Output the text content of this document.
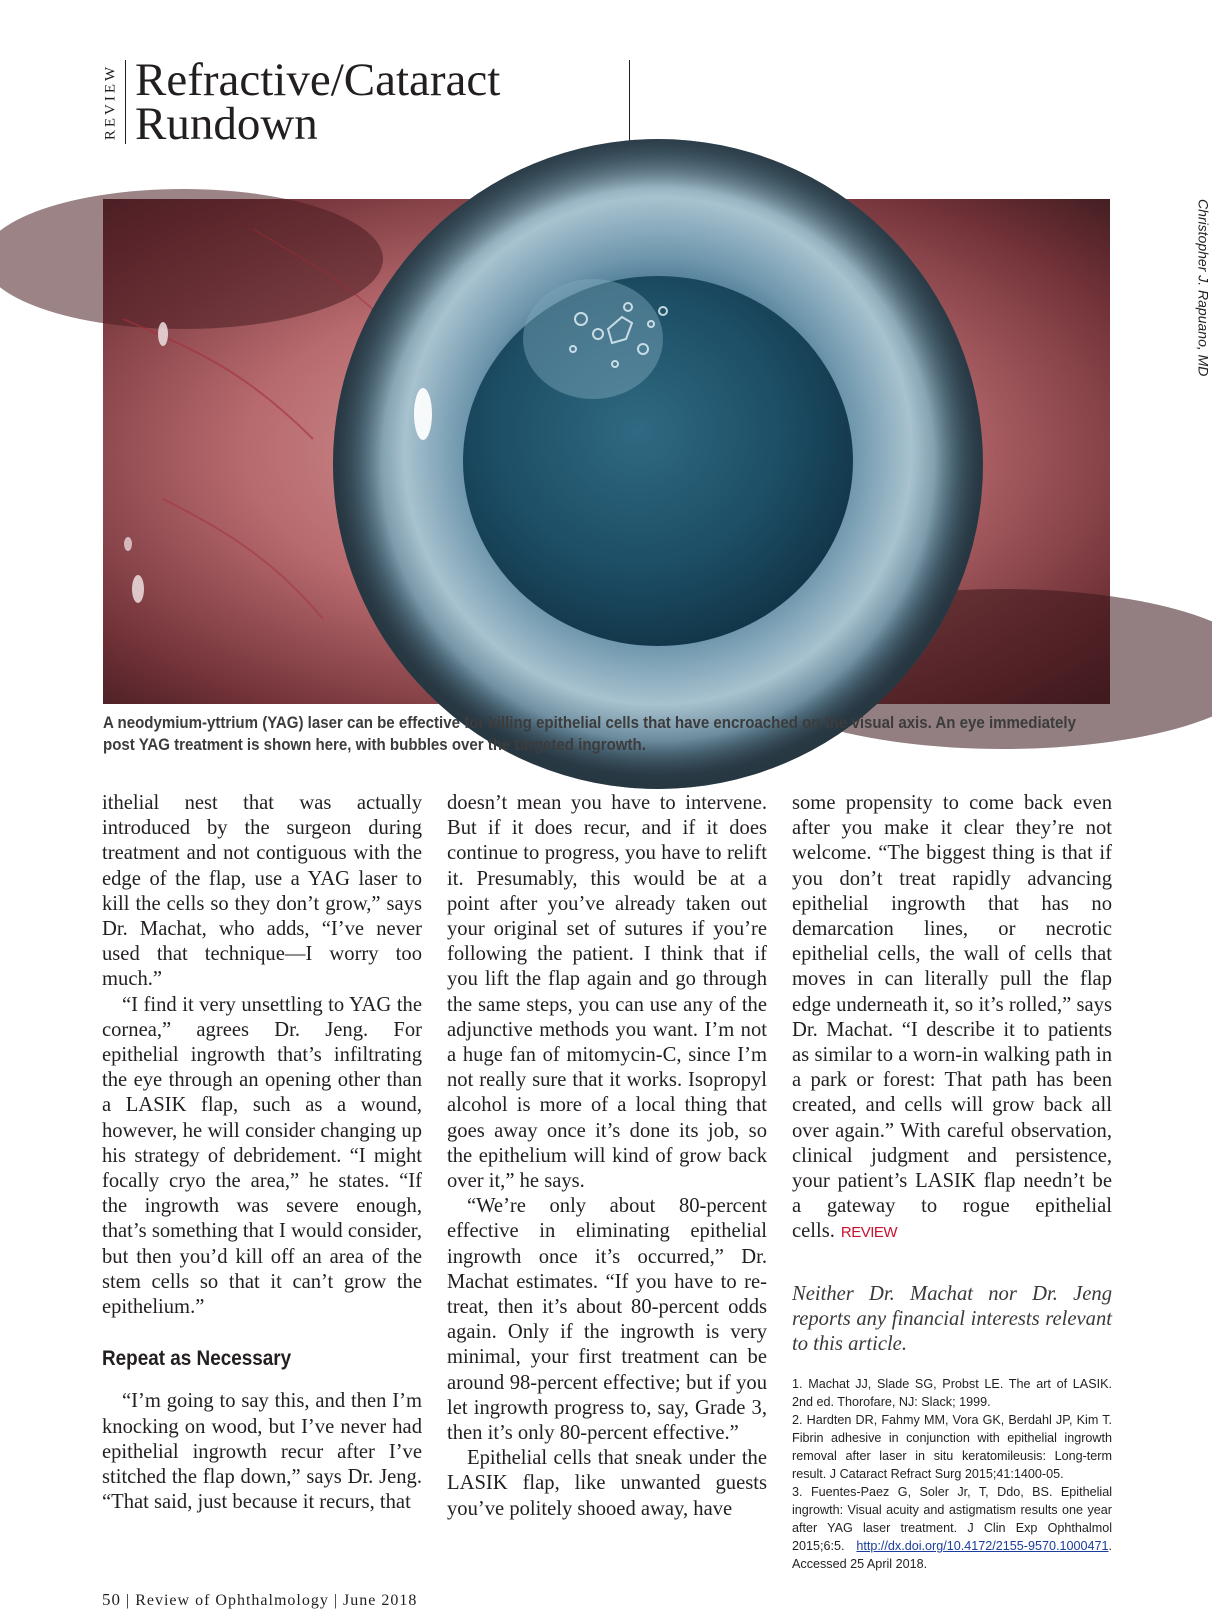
REVIEW Refractive/Cataract
Rundown
Christopher J. Rapuano, MD
A neodymium-yttrium (YAG) laser can be effective for killing epithelial cells that have encroached on the visual axis. An eye immediately post YAG treatment is shown here, with bubbles over the targeted ingrowth.

ithelial nest that was actually introduced by the surgeon during treatment and not contiguous with the edge of the flap, use a YAG laser to kill the cells so they don’t grow,” says Dr. Machat, who adds, “I’ve never used that technique—I worry too much.”

“I find it very unsettling to YAG the cornea,” agrees Dr. Jeng. For epithelial ingrowth that’s infiltrating the eye through an opening other than a LASIK flap, such as a wound, however, he will consider changing up his strategy of debridement. “I might focally cryo the area,” he states. “If the ingrowth was severe enough, that’s something that I would consider, but then you’d kill off an area of the stem cells so that it can’t grow the epithelium.”

Repeat as Necessary

“I’m going to say this, and then I’m knocking on wood, but I’ve never had epithelial ingrowth recur after I’ve stitched the flap down,” says Dr. Jeng. “That said, just because it recurs, that

doesn’t mean you have to intervene. But if it does recur, and if it does continue to progress, you have to relift it. Presumably, this would be at a point after you’ve already taken out your original set of sutures if you’re following the patient. I think that if you lift the flap again and go through the same steps, you can use any of the adjunctive methods you want. I’m not a huge fan of mitomycin-C, since I’m not really sure that it works. Isopropyl alcohol is more of a local thing that goes away once it’s done its job, so the epithelium will kind of grow back over it,” he says.

“We’re only about 80-percent effective in eliminating epithelial ingrowth once it’s occurred,” Dr. Machat estimates. “If you have to re-treat, then it’s about 80-percent odds again. Only if the ingrowth is very minimal, your first treatment can be around 98-percent effective; but if you let ingrowth progress to, say, Grade 3, then it’s only 80-percent effective.”

Epithelial cells that sneak under the LASIK flap, like unwanted guests you’ve politely shooed away, have

some propensity to come back even after you make it clear they’re not welcome. “The biggest thing is that if you don’t treat rapidly advancing epithelial ingrowth that has no demarcation lines, or necrotic epithelial cells, the wall of cells that moves in can literally pull the flap edge underneath it, so it’s rolled,” says Dr. Machat. “I describe it to patients as similar to a worn-in walking path in a park or forest: That path has been created, and cells will grow back all over again.” With careful observation, clinical judgment and persistence, your patient’s LASIK flap needn’t be a gateway to rogue epithelial cells. REVIEW

Neither Dr. Machat nor Dr. Jeng reports any financial interests relevant to this article.

1. Machat JJ, Slade SG, Probst LE. The art of LASIK. 2nd ed. Thorofare, NJ: Slack; 1999.
2. Hardten DR, Fahmy MM, Vora GK, Berdahl JP, Kim T. Fibrin adhesive in conjunction with epithelial ingrowth removal after laser in situ keratomileusis: Long-term result. J Cataract Refract Surg 2015;41:1400-05.
3. Fuentes-Paez G, Soler Jr, T, Ddo, BS. Epithelial ingrowth: Visual acuity and astigmatism results one year after YAG laser treatment. J Clin Exp Ophthalmol 2015;6:5. http://dx.doi.org/10.4172/2155-9570.1000471. Accessed 25 April 2018.
50 | Review of Ophthalmology | June 2018
